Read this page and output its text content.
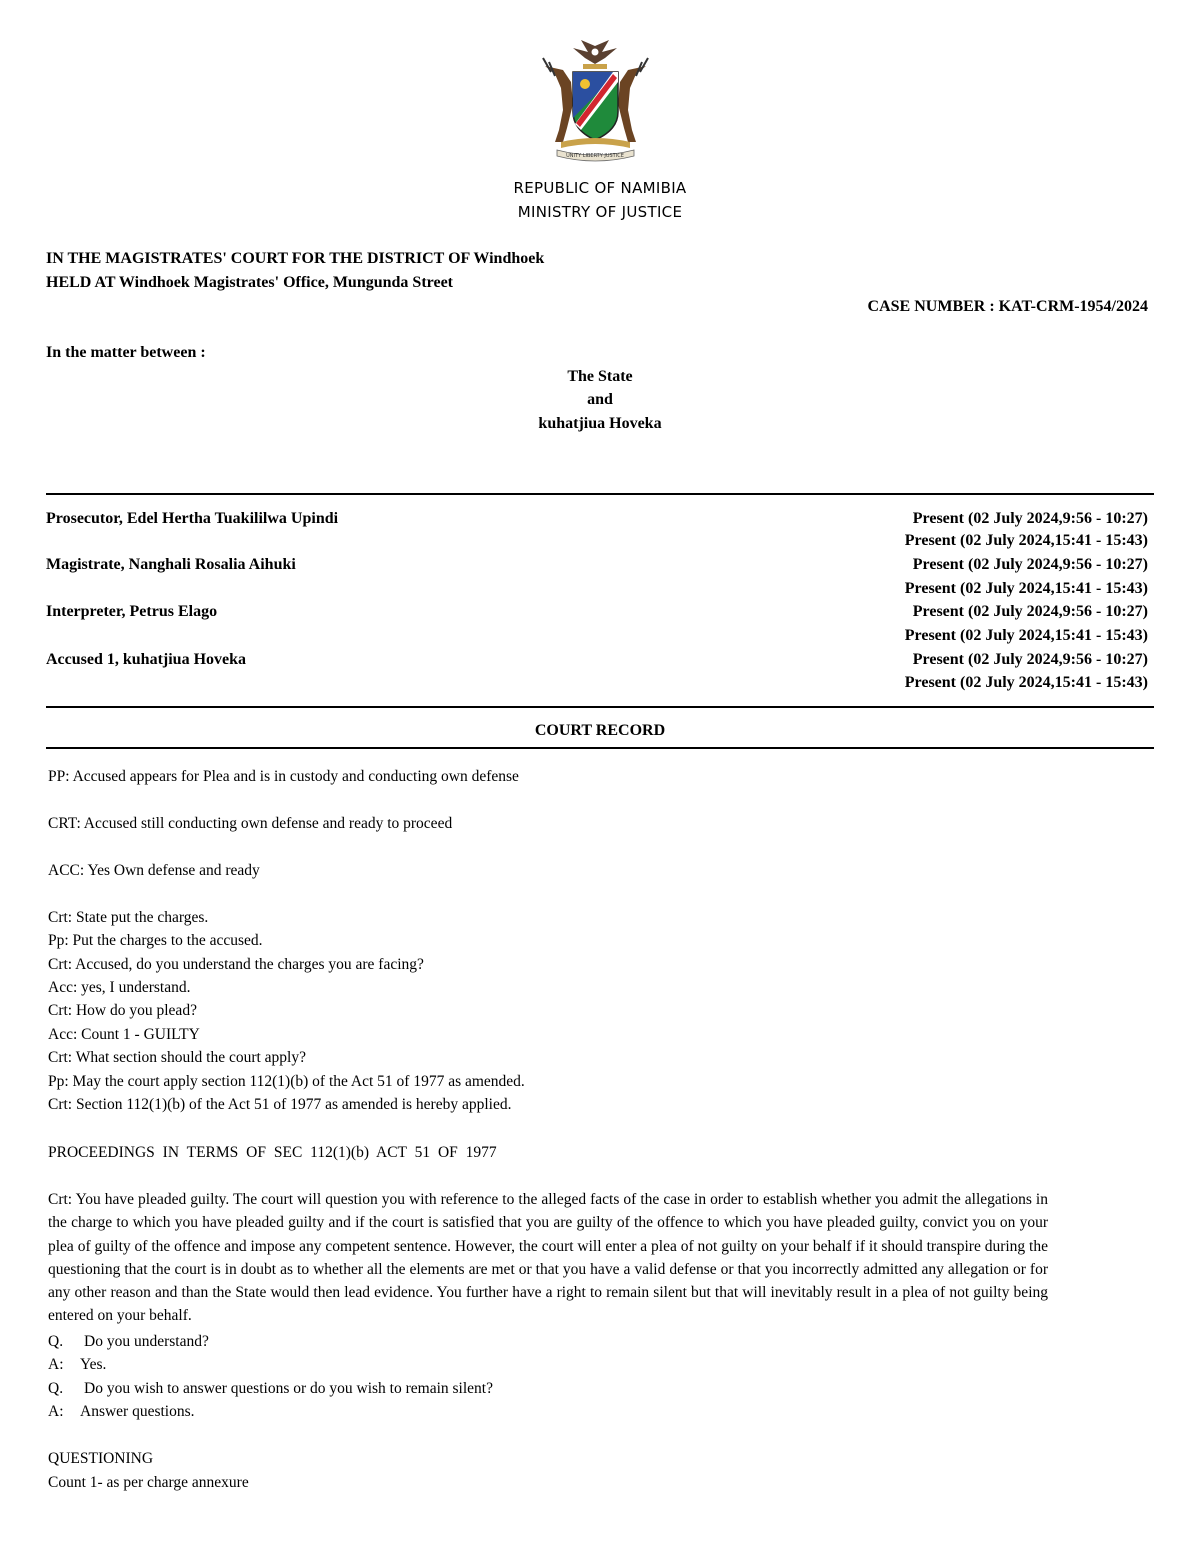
UNITY LIBERTY JUSTICE
REPUBLIC OF NAMIBIA
MINISTRY OF JUSTICE
IN THE MAGISTRATES' COURT FOR THE DISTRICT OF Windhoek
HELD AT Windhoek Magistrates' Office, Mungunda Street
CASE NUMBER : KAT-CRM-1954/2024
In the matter between :
The State
and
kuhatjiua Hoveka
Prosecutor, Edel Hertha Tuakililwa Upindi	Present (02 July 2024,9:56 - 10:27)
Present (02 July 2024,15:41 - 15:43)
Magistrate, Nanghali Rosalia Aihuki	Present (02 July 2024,9:56 - 10:27)
Present (02 July 2024,15:41 - 15:43)
Interpreter, Petrus Elago	Present (02 July 2024,9:56 - 10:27)
Present (02 July 2024,15:41 - 15:43)
Accused 1, kuhatjiua Hoveka	Present (02 July 2024,9:56 - 10:27)
Present (02 July 2024,15:41 - 15:43)
COURT RECORD
PP: Accused appears for Plea and is in custody and conducting own defense
CRT: Accused still conducting own defense and ready to proceed
ACC: Yes Own defense and ready
Crt: State put the charges.
Pp: Put the charges to the accused.
Crt: Accused, do you understand the charges you are facing?
Acc: yes, I understand.
Crt: How do you plead?
Acc: Count 1 - GUILTY
Crt: What section should the court apply?
Pp: May the court apply section 112(1)(b) of the Act 51 of 1977 as amended.
Crt: Section 112(1)(b) of the Act 51 of 1977 as amended is hereby applied.
PROCEEDINGS IN TERMS OF SEC 112(1)(b) ACT 51 OF 1977
Crt: You have pleaded guilty. The court will question you with reference to the alleged facts of the case in order to establish whether you admit the allegations in the charge to which you have pleaded guilty and if the court is satisfied that you are guilty of the offence to which you have pleaded guilty, convict you on your plea of guilty of the offence and impose any competent sentence. However, the court will enter a plea of not guilty on your behalf if it should transpire during the questioning that the court is in doubt as to whether all the elements are met or that you have a valid defense or that you incorrectly admitted any allegation or for any other reason and than the State would then lead evidence. You further have a right to remain silent but that will inevitably result in a plea of not guilty being entered on your behalf.
Q. Do you understand?
A: Yes.
Q. Do you wish to answer questions or do you wish to remain silent?
A: Answer questions.
QUESTIONING
Count 1- as per charge annexure
